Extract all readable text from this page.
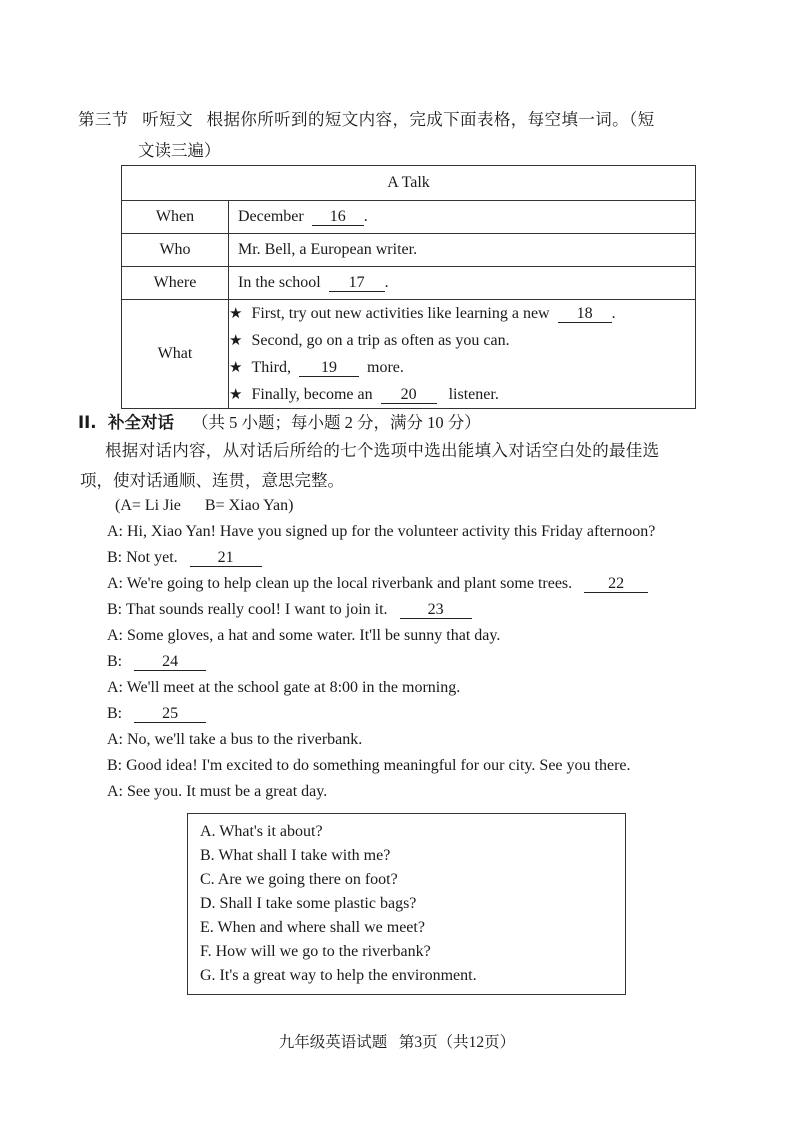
第三节 听短文 根据你所听到的短文内容，完成下面表格，每空填一词。（短
文读三遍）
A Talk	
When	December 16 .
Who	Mr. Bell, a European writer.
Where	In the school 17 .
What	★ First, try out new activities like learning a new 18 .
★ Second, go on a trip as often as you can.
★ Third, 19 more.
★ Finally, become an 20 listener.
II. 补全对话 （共 5 小题；每小题 2 分，满分 10 分）
根据对话内容，从对话后所给的七个选项中选出能填入对话空白处的最佳选
项，使对话通顺、连贯，意思完整。
(A= Li Jie      B= Xiao Yan)
A: Hi, Xiao Yan! Have you signed up for the volunteer activity this Friday afternoon?
B: Not yet.	21
A: We're going to help clean up the local riverbank and plant some trees. 22
B: That sounds really cool! I want to join it.	23
A: Some gloves, a hat and some water. It'll be sunny that day.
B:	24
A: We'll meet at the school gate at 8:00 in the morning.
B:	25
A: No, we'll take a bus to the riverbank.
B: Good idea! I'm excited to do something meaningful for our city. See you there.
A: See you. It must be a great day.
A. What's it about?
B. What shall I take with me?
C. Are we going there on foot?
D. Shall I take some plastic bags?
E. When and where shall we meet?
F. How will we go to the riverbank?
G. It's a great way to help the environment.
九年级英语试题   第3页（共12页）
